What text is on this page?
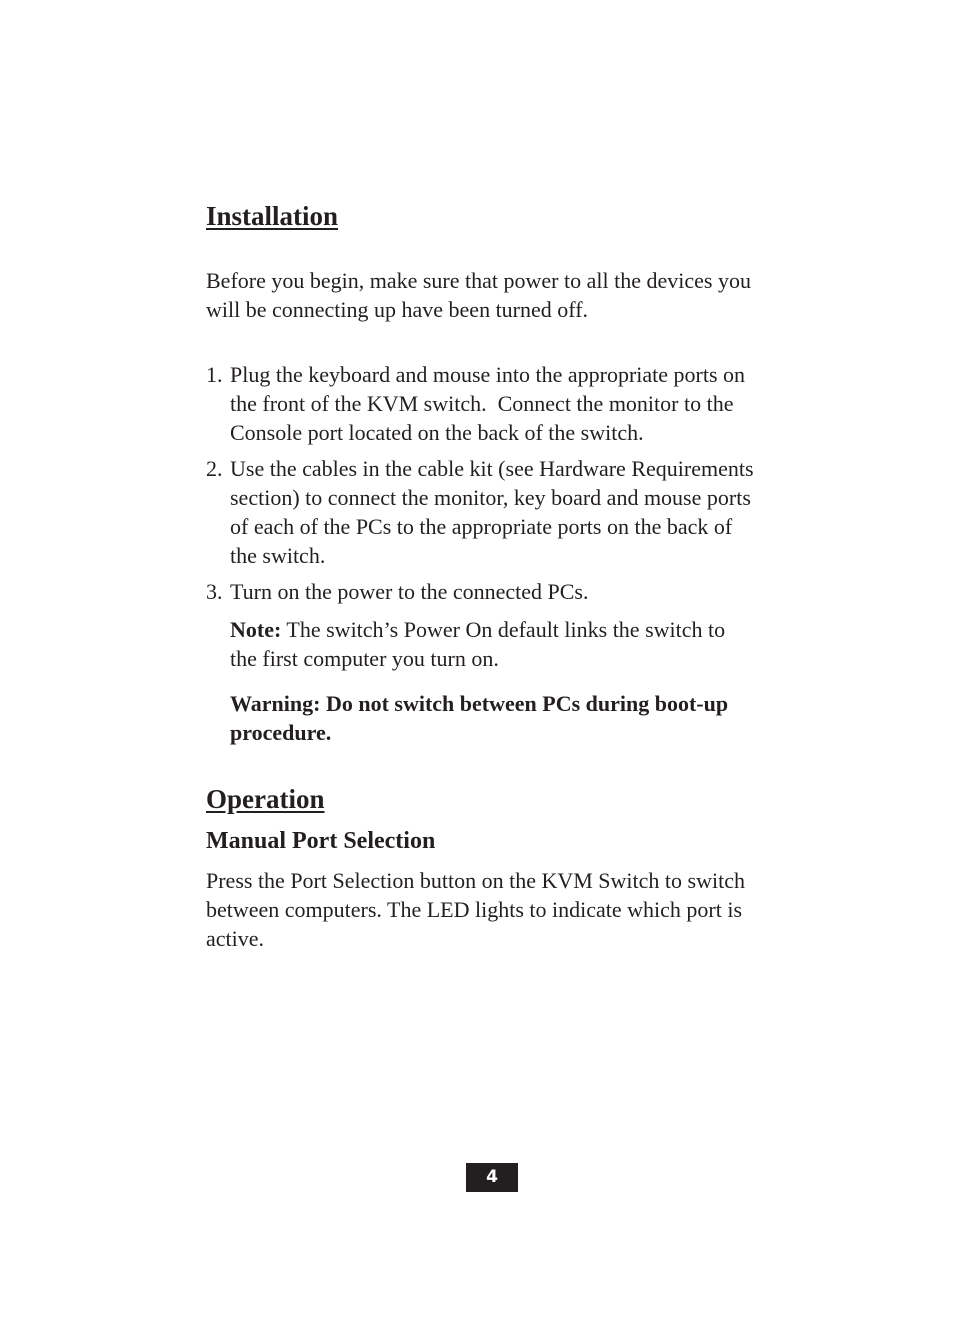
Installation

Before you begin, make sure that power to all the devices you will be connecting up have been turned off.

1. Plug the keyboard and mouse into the appropriate ports on the front of the KVM switch.  Connect the monitor to the Console port located on the back of the switch.
2. Use the cables in the cable kit (see Hardware Requirements section) to connect the monitor, key board and mouse ports of each of the PCs to the appropriate ports on the back of the switch.
3. Turn on the power to the connected PCs.

Note: The switch’s Power On default links the switch to the first computer you turn on.

Warning: Do not switch between PCs during boot-up procedure.

Operation
Manual Port Selection

Press the Port Selection button on the KVM Switch to switch between computers. The LED lights to indicate which port is active.

4
